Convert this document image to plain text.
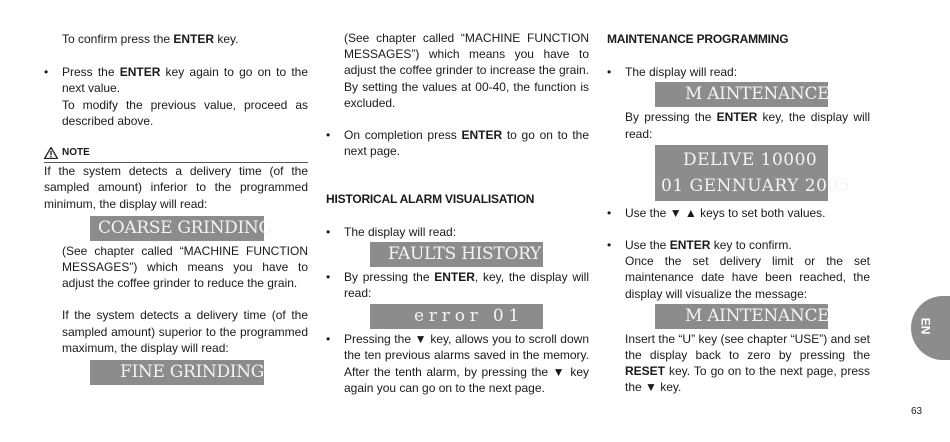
To confirm press the ENTER key.

• Press the ENTER key again to go on to the next value.

To modify the previous value, proceed as described above.

NOTE

If the system detects a delivery time (of the sampled amount) inferior to the programmed minimum, the display will read:

COARSE GRINDING

(See chapter called “MACHINE FUNCTION MESSAGES”) which means you have to adjust the coffee grinder to reduce the grain.

If the system detects a delivery time (of the sampled amount) superior to the programmed maximum, the display will read:

FINE GRINDING

(See chapter called “MACHINE FUNCTION MESSAGES”) which means you have to adjust the coffee grinder to increase the grain. By setting the values at 00-40, the function is excluded.

• On completion press ENTER to go on to the next page.

HISTORICAL ALARM VISUALISATION

• The display will read:

FAULTS HISTORY

• By pressing the ENTER, key, the display will read:

e r r o r   0 1

• Pressing the ▼ key, allows you to scroll down the ten previous alarms saved in the memory. After the tenth alarm, by pressing the ▼ key again you can go on to the next page.

MAINTENANCE PROGRAMMING

• The display will read:

M AINTENANCE

By pressing the ENTER key, the display will read:

DELIVE 10000
01 GENNUARY 2005

• Use the ▼ ▲ keys to set both values.

• Use the ENTER key to confirm.

Once the set delivery limit or the set maintenance date have been reached, the display will visualize the message:

M AINTENANCE

Insert the “U” key (see chapter “USE”) and set the display back to zero by pressing the RESET key. To go on to the next page, press the ▼ key.

EN
63
